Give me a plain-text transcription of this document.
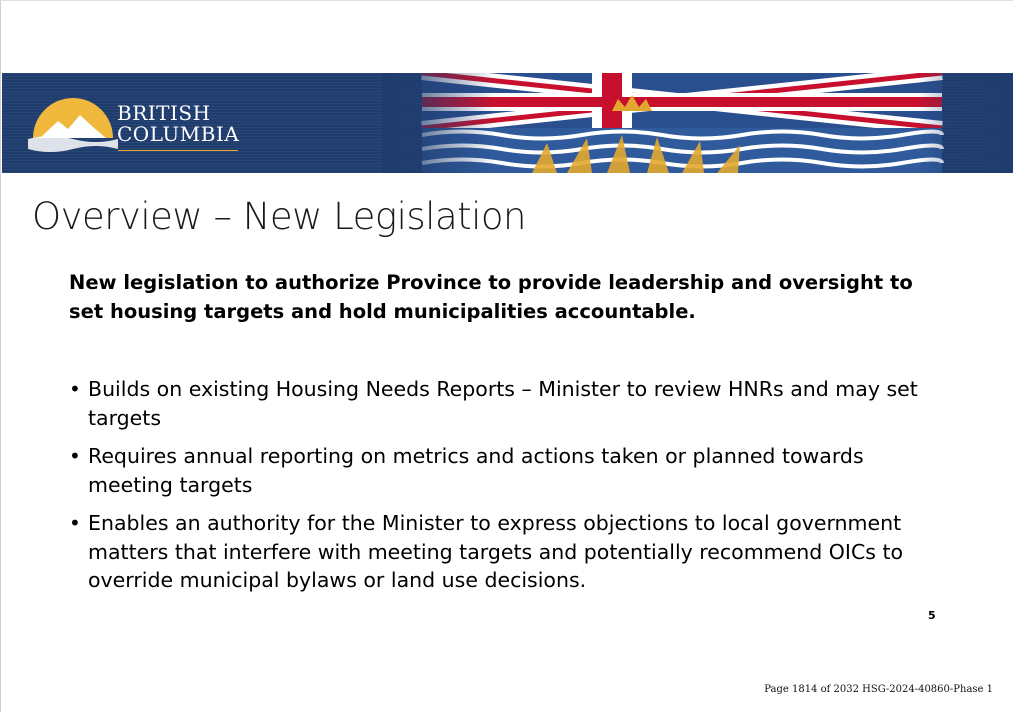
BRITISH
COLUMBIA
Overview – New Legislation

New legislation to authorize Province to provide leadership and oversight to set housing targets and hold municipalities accountable.

• Builds on existing Housing Needs Reports – Minister to review HNRs and may set targets
• Requires annual reporting on metrics and actions taken or planned towards meeting targets
• Enables an authority for the Minister to express objections to local government matters that interfere with meeting targets and potentially recommend OICs to override municipal bylaws or land use decisions.
5
Page 1814 of 2032 HSG-2024-40860-Phase 1
